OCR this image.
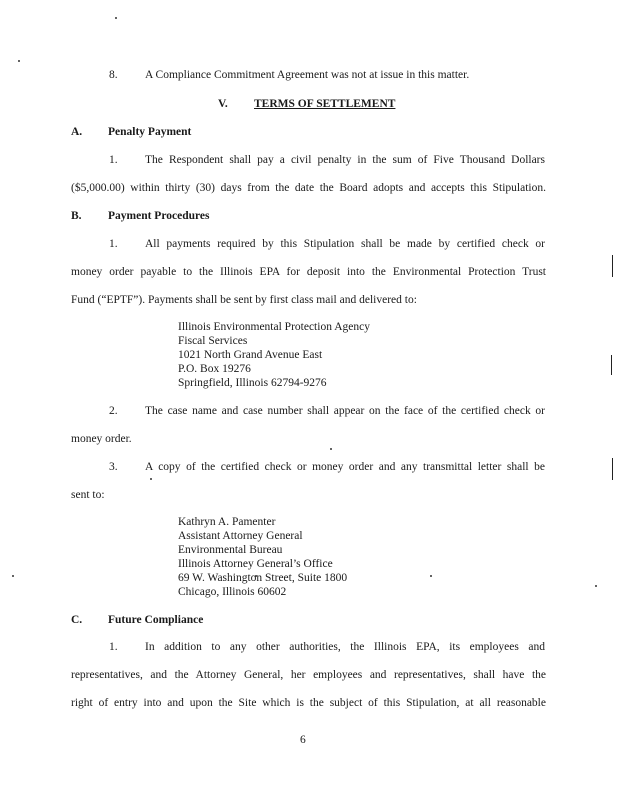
8. A Compliance Commitment Agreement was not at issue in this matter.
V. TERMS OF SETTLEMENT
A. Penalty Payment
1. The Respondent shall pay a civil penalty in the sum of Five Thousand Dollars
($5,000.00) within thirty (30) days from the date the Board adopts and accepts this Stipulation.
B. Payment Procedures
1. All payments required by this Stipulation shall be made by certified check or
money order payable to the Illinois EPA for deposit into the Environmental Protection Trust
Fund (“EPTF”). Payments shall be sent by first class mail and delivered to:
Illinois Environmental Protection Agency
Fiscal Services
1021 North Grand Avenue East
P.O. Box 19276
Springfield, Illinois 62794-9276
2. The case name and case number shall appear on the face of the certified check or
money order.
3. A copy of the certified check or money order and any transmittal letter shall be
sent to:
Kathryn A. Pamenter
Assistant Attorney General
Environmental Bureau
Illinois Attorney General’s Office
69 W. Washington Street, Suite 1800
Chicago, Illinois 60602
C. Future Compliance
1. In addition to any other authorities, the Illinois EPA, its employees and
representatives, and the Attorney General, her employees and representatives, shall have the
right of entry into and upon the Site which is the subject of this Stipulation, at all reasonable
6
